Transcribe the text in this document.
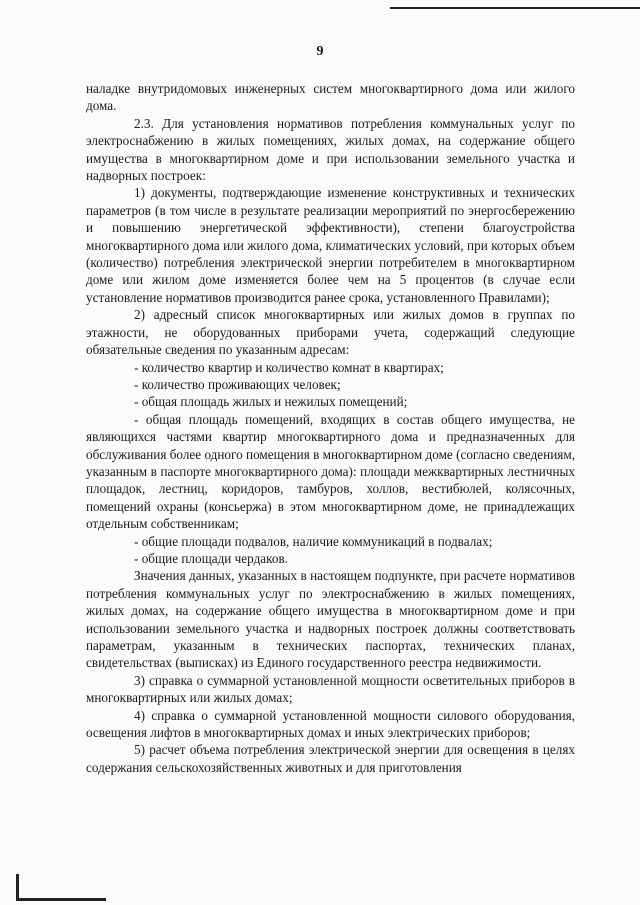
9

наладке внутридомовых инженерных систем многоквартирного дома или жилого дома.

2.3. Для установления нормативов потребления коммунальных услуг по электроснабжению в жилых помещениях, жилых домах, на содержание общего имущества в многоквартирном доме и при использовании земельного участка и надворных построек:

1) документы, подтверждающие изменение конструктивных и технических параметров (в том числе в результате реализации мероприятий по энергосбережению и повышению энергетической эффективности), степени благоустройства многоквартирного дома или жилого дома, климатических условий, при которых объем (количество) потребления электрической энергии потребителем в многоквартирном доме или жилом доме изменяется более чем на 5 процентов (в случае если установление нормативов производится ранее срока, установленного Правилами);

2) адресный список многоквартирных или жилых домов в группах по этажности, не оборудованных приборами учета, содержащий следующие обязательные сведения по указанным адресам:

- количество квартир и количество комнат в квартирах;

- количество проживающих человек;

- общая площадь жилых и нежилых помещений;

- общая площадь помещений, входящих в состав общего имущества, не являющихся частями квартир многоквартирного дома и предназначенных для обслуживания более одного помещения в многоквартирном доме (согласно сведениям, указанным в паспорте многоквартирного дома): площади межквартирных лестничных площадок, лестниц, коридоров, тамбуров, холлов, вестибюлей, колясочных, помещений охраны (консьержа) в этом многоквартирном доме, не принадлежащих отдельным собственникам;

- общие площади подвалов, наличие коммуникаций в подвалах;

- общие площади чердаков.

Значения данных, указанных в настоящем подпункте, при расчете нормативов потребления коммунальных услуг по электроснабжению в жилых помещениях, жилых домах, на содержание общего имущества в многоквартирном доме и при использовании земельного участка и надворных построек должны соответствовать параметрам, указанным в технических паспортах, технических планах, свидетельствах (выписках) из Единого государственного реестра недвижимости.

3) справка о суммарной установленной мощности осветительных приборов в многоквартирных или жилых домах;

4) справка о суммарной установленной мощности силового оборудования, освещения лифтов в многоквартирных домах и иных электрических приборов;

5) расчет объема потребления электрической энергии для освещения в целях содержания сельскохозяйственных животных и для приготовления
